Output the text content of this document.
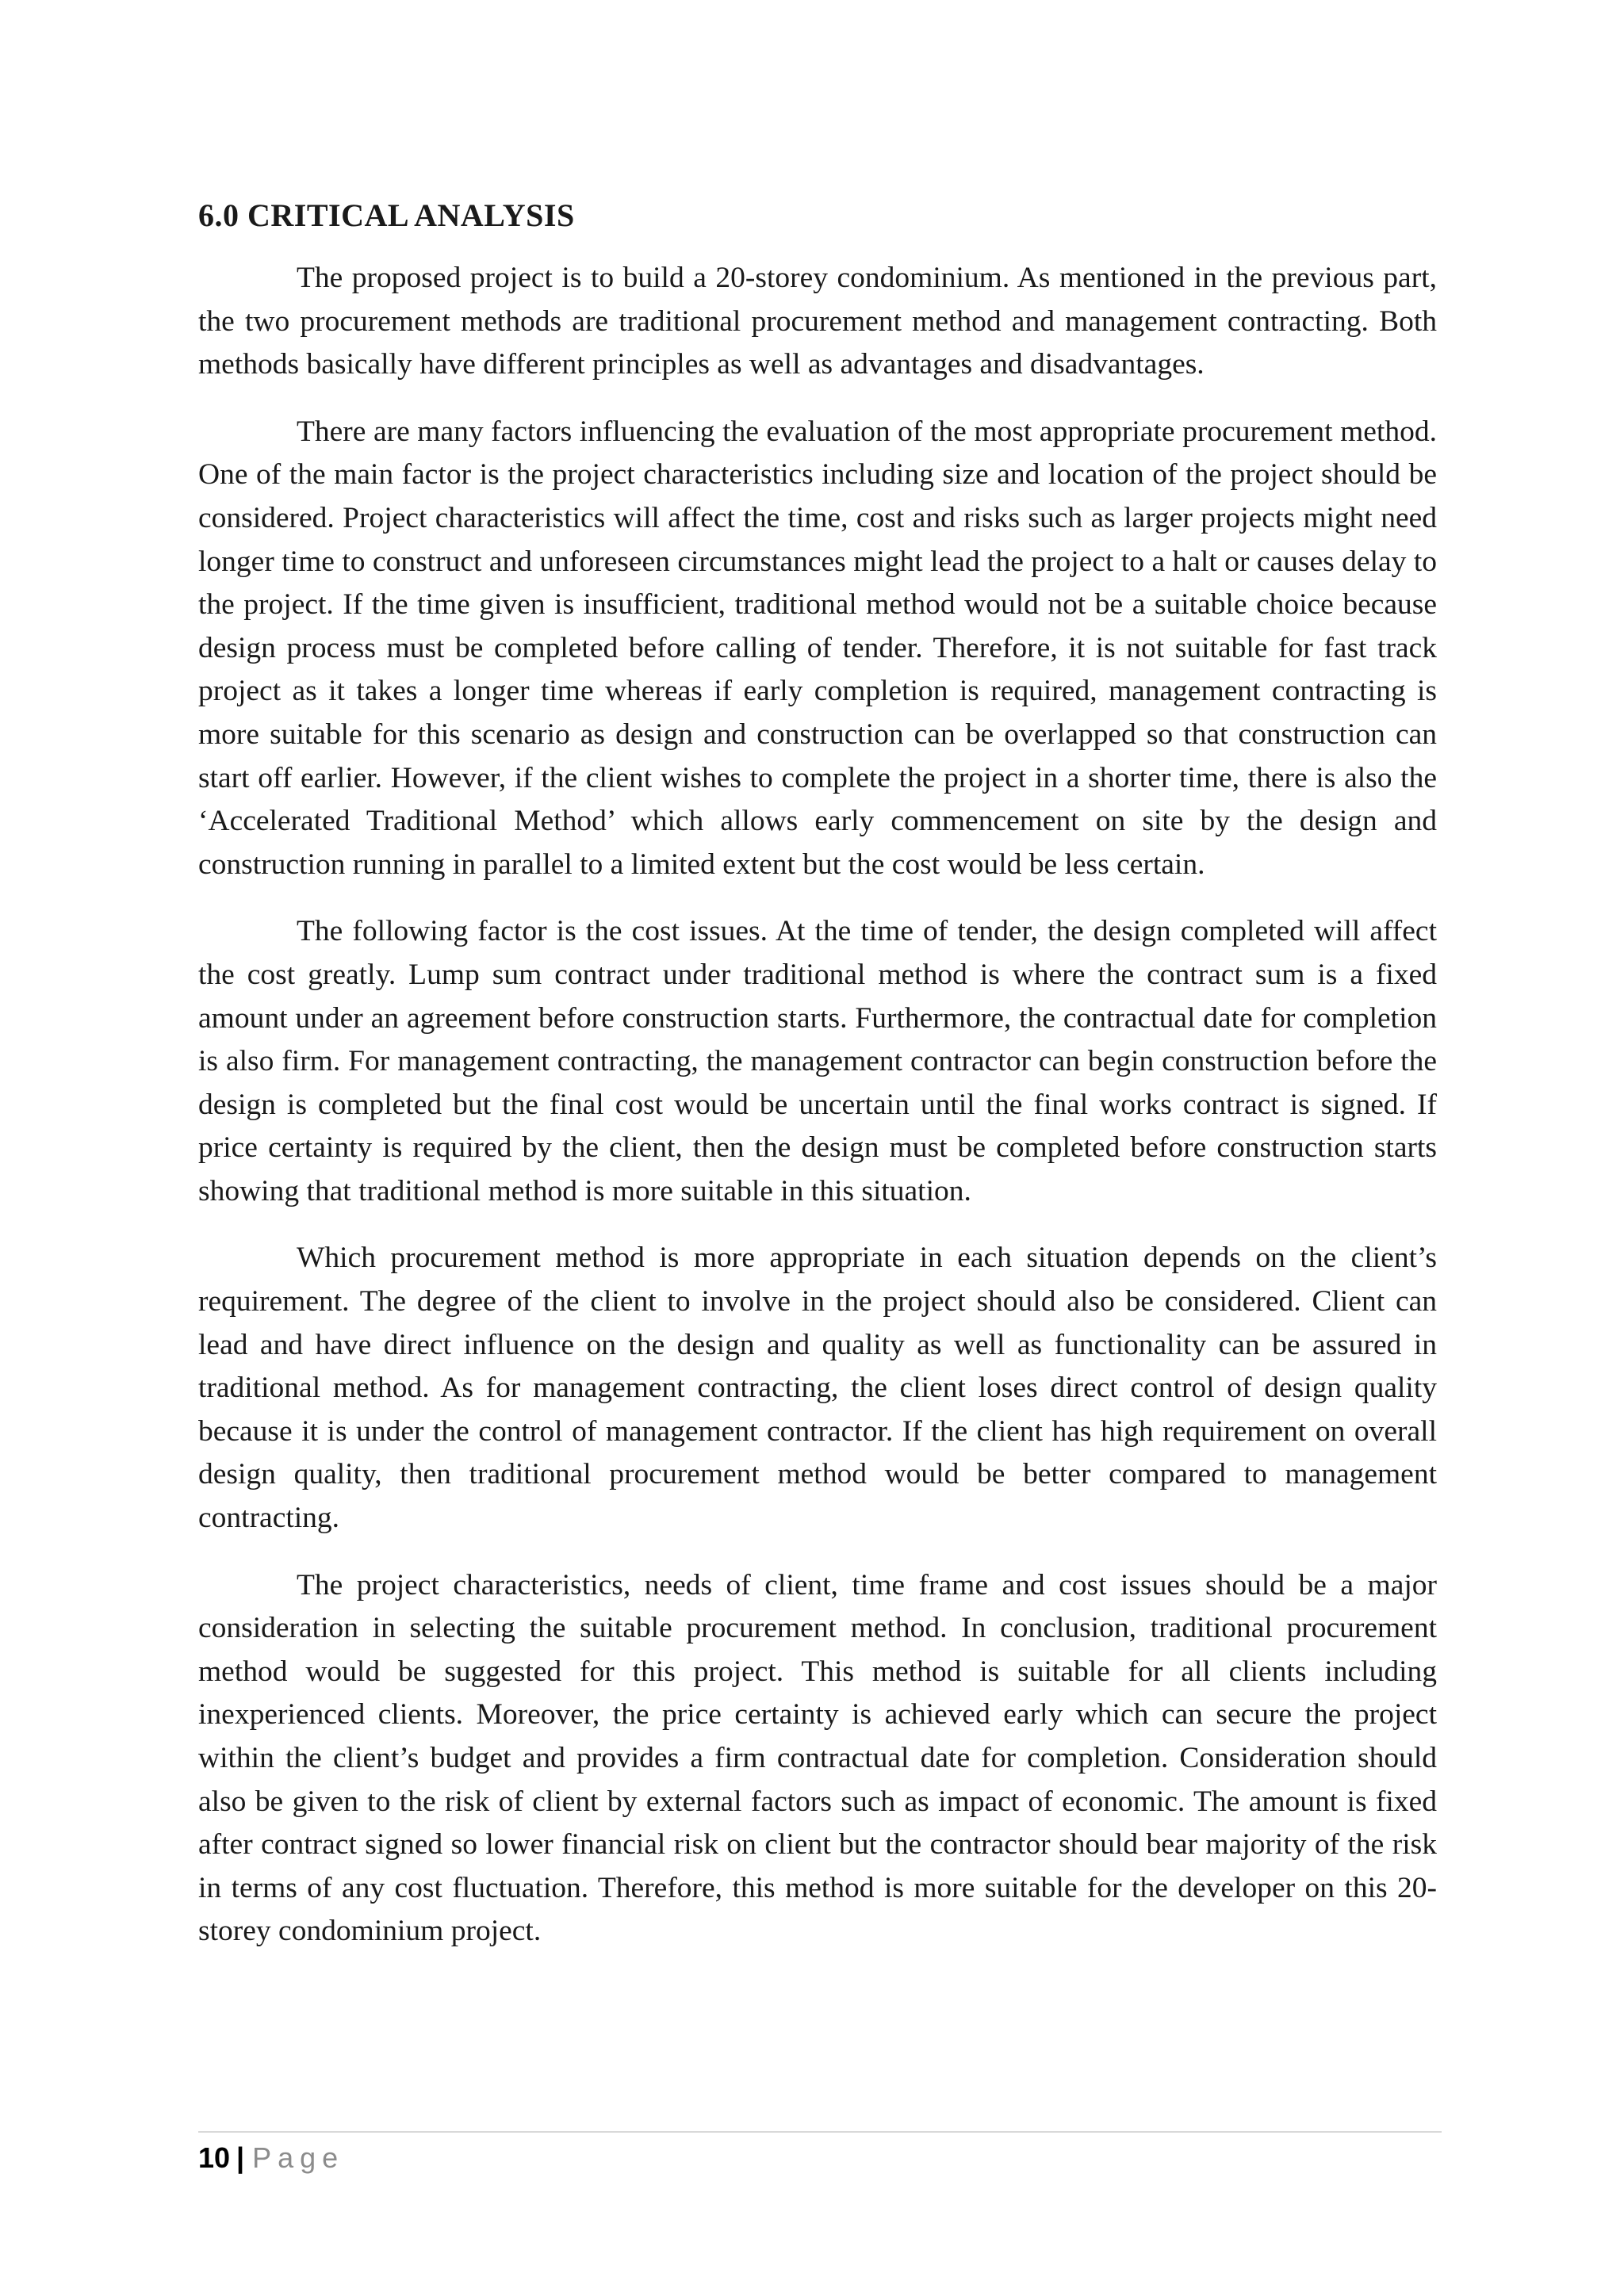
6.0 CRITICAL ANALYSIS

The proposed project is to build a 20-storey condominium. As mentioned in the previous part, the two procurement methods are traditional procurement method and management contracting. Both methods basically have different principles as well as advantages and disadvantages.

There are many factors influencing the evaluation of the most appropriate procurement method. One of the main factor is the project characteristics including size and location of the project should be considered. Project characteristics will affect the time, cost and risks such as larger projects might need longer time to construct and unforeseen circumstances might lead the project to a halt or causes delay to the project. If the time given is insufficient, traditional method would not be a suitable choice because design process must be completed before calling of tender. Therefore, it is not suitable for fast track project as it takes a longer time whereas if early completion is required, management contracting is more suitable for this scenario as design and construction can be overlapped so that construction can start off earlier. However, if the client wishes to complete the project in a shorter time, there is also the ‘Accelerated Traditional Method’ which allows early commencement on site by the design and construction running in parallel to a limited extent but the cost would be less certain.

The following factor is the cost issues. At the time of tender, the design completed will affect the cost greatly. Lump sum contract under traditional method is where the contract sum is a fixed amount under an agreement before construction starts. Furthermore, the contractual date for completion is also firm. For management contracting, the management contractor can begin construction before the design is completed but the final cost would be uncertain until the final works contract is signed. If price certainty is required by the client, then the design must be completed before construction starts showing that traditional method is more suitable in this situation.

Which procurement method is more appropriate in each situation depends on the client’s requirement. The degree of the client to involve in the project should also be considered. Client can lead and have direct influence on the design and quality as well as functionality can be assured in traditional method. As for management contracting, the client loses direct control of design quality because it is under the control of management contractor. If the client has high requirement on overall design quality, then traditional procurement method would be better compared to management contracting.

The project characteristics, needs of client, time frame and cost issues should be a major consideration in selecting the suitable procurement method. In conclusion, traditional procurement method would be suggested for this project. This method is suitable for all clients including inexperienced clients. Moreover, the price certainty is achieved early which can secure the project within the client’s budget and provides a firm contractual date for completion. Consideration should also be given to the risk of client by external factors such as impact of economic. The amount is fixed after contract signed so lower financial risk on client but the contractor should bear majority of the risk in terms of any cost fluctuation. Therefore, this method is more suitable for the developer on this 20-storey condominium project.

10 | Page
